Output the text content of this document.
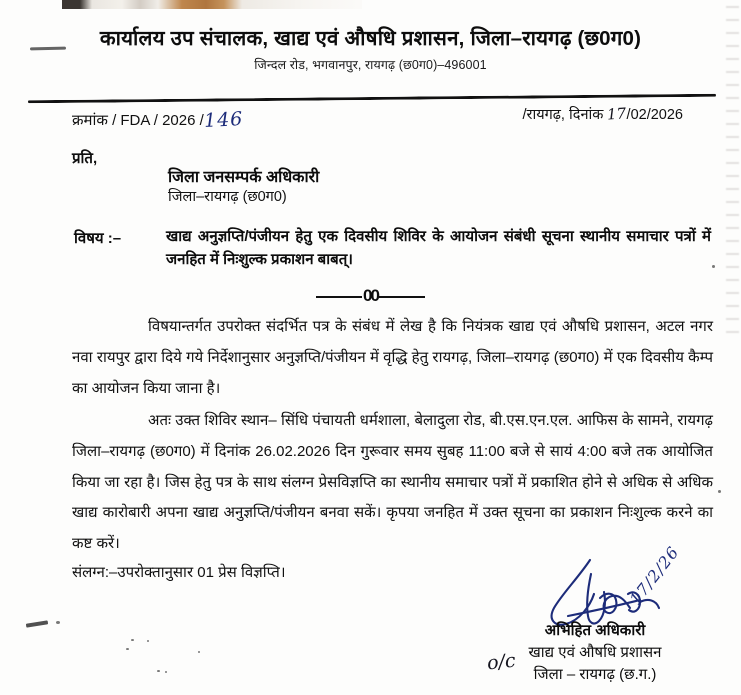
कार्यालय उप संचालक, खाद्य एवं औषधि प्रशासन, जिला–रायगढ़ (छ0ग0)
जिन्दल रोड, भगवानपुर, रायगढ़ (छ0ग0)–496001
क्रमांक / FDA / 2026 /146	/रायगढ़, दिनांक 17/02/2026
प्रति,
जिला जनसम्पर्क अधिकारी
जिला–रायगढ़ (छ0ग0)
विषय :–	खाद्य अनुज्ञप्ति/पंजीयन हेतु एक दिवसीय शिविर के आयोजन संबंधी सूचना स्थानीय समाचार पत्रों में जनहित में निःशुल्क प्रकाशन बाबत्।
00
विषयान्तर्गत उपरोक्त संदर्भित पत्र के संबंध में लेख है कि नियंत्रक खाद्य एवं औषधि प्रशासन, अटल नगर नवा रायपुर द्वारा दिये गये निर्देशानुसार अनुज्ञप्ति/पंजीयन में वृद्धि हेतु रायगढ़, जिला–रायगढ़ (छ0ग0) में एक दिवसीय कैम्प का आयोजन किया जाना है।
अतः उक्त शिविर स्थान– सिंधि पंचायती धर्मशाला, बेलादुला रोड, बी.एस.एन.एल. आफिस के सामने, रायगढ़ जिला–रायगढ़ (छ0ग0) में दिनांक 26.02.2026 दिन गुरूवार समय सुबह 11:00 बजे से सायं 4:00 बजे तक आयोजित किया जा रहा है। जिस हेतु पत्र के साथ संलग्न प्रेसविज्ञप्ति का स्थानीय समाचार पत्रों में प्रकाशित होने से अधिक से अधिक खाद्य कारोबारी अपना खाद्य अनुज्ञप्ति/पंजीयन बनवा सकें। कृपया जनहित में उक्त सूचना का प्रकाशन निःशुल्क करने का कष्ट करें।
संलग्न:–उपरोक्तानुसार 01 प्रेस विज्ञप्ति।	17/2/26
o/c
अभिहित अधिकारी
खाद्य एवं औषधि प्रशासन
जिला – रायगढ़ (छ.ग.)
